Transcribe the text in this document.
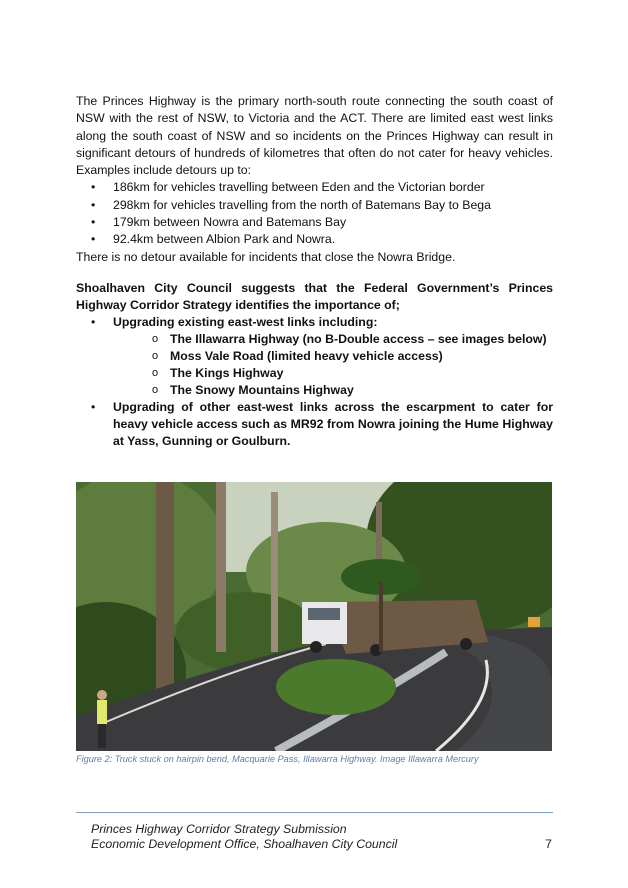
The Princes Highway is the primary north-south route connecting the south coast of NSW with the rest of NSW, to Victoria and the ACT. There are limited east west links along the south coast of NSW and so incidents on the Princes Highway can result in significant detours of hundreds of kilometres that often do not cater for heavy vehicles. Examples include detours up to:

• 186km for vehicles travelling between Eden and the Victorian border
• 298km for vehicles travelling from the north of Batemans Bay to Bega
• 179km between Nowra and Batemans Bay
• 92.4km between Albion Park and Nowra.

There is no detour available for incidents that close the Nowra Bridge.

Shoalhaven City Council suggests that the Federal Government’s Princes Highway Corridor Strategy identifies the importance of;

• Upgrading existing east-west links including:
o The Illawarra Highway (no B-Double access – see images below)
o Moss Vale Road (limited heavy vehicle access)
o The Kings Highway
o The Snowy Mountains Highway
• Upgrading of other east-west links across the escarpment to cater for heavy vehicle access such as MR92 from Nowra joining the Hume Highway at Yass, Gunning or Goulburn.

Figure 2: Truck stuck on hairpin bend, Macquarie Pass, Illawarra Highway. Image Illawarra Mercury

Princes Highway Corridor Strategy Submission
Economic Development Office, Shoalhaven City Council	7
